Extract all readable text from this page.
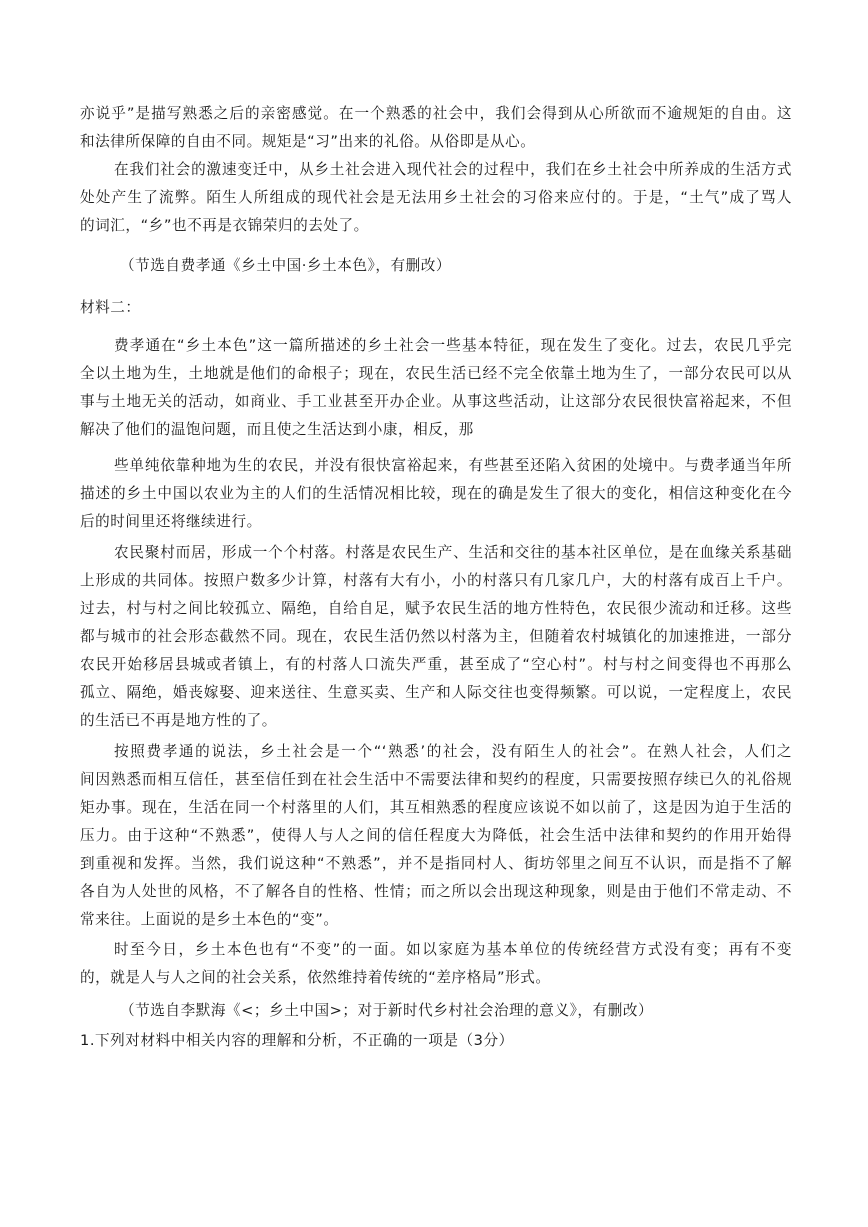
亦说乎”是描写熟悉之后的亲密感觉。在一个熟悉的社会中，我们会得到从心所欲而不逾规矩的自由。这
和法律所保障的自由不同。规矩是“习”出来的礼俗。从俗即是从心。
在我们社会的激速变迁中，从乡土社会进入现代社会的过程中，我们在乡土社会中所养成的生活方式
处处产生了流弊。陌生人所组成的现代社会是无法用乡土社会的习俗来应付的。于是，“土气”成了骂人
的词汇，“乡”也不再是衣锦荣归的去处了。
（节选自费孝通《乡土中国·乡土本色》，有删改）
材料二：
费孝通在“乡土本色”这一篇所描述的乡土社会一些基本特征，现在发生了变化。过去，农民几乎完
全以土地为生，土地就是他们的命根子；现在，农民生活已经不完全依靠土地为生了，一部分农民可以从
事与土地无关的活动，如商业、手工业甚至开办企业。从事这些活动，让这部分农民很快富裕起来，不但
解决了他们的温饱问题，而且使之生活达到小康，相反，那
些单纯依靠种地为生的农民，并没有很快富裕起来，有些甚至还陷入贫困的处境中。与费孝通当年所
描述的乡土中国以农业为主的人们的生活情况相比较，现在的确是发生了很大的变化，相信这种变化在今
后的时间里还将继续进行。
农民聚村而居，形成一个个村落。村落是农民生产、生活和交往的基本社区单位，是在血缘关系基础
上形成的共同体。按照户数多少计算，村落有大有小，小的村落只有几家几户，大的村落有成百上千户。
过去，村与村之间比较孤立、隔绝，自给自足，赋予农民生活的地方性特色，农民很少流动和迁移。这些
都与城市的社会形态截然不同。现在，农民生活仍然以村落为主，但随着农村城镇化的加速推进，一部分
农民开始移居县城或者镇上，有的村落人口流失严重，甚至成了“空心村”。村与村之间变得也不再那么
孤立、隔绝，婚丧嫁娶、迎来送往、生意买卖、生产和人际交往也变得频繁。可以说，一定程度上，农民
的生活已不再是地方性的了。
按照费孝通的说法，乡土社会是一个“‘熟悉’的社会，没有陌生人的社会”。在熟人社会，人们之
间因熟悉而相互信任，甚至信任到在社会生活中不需要法律和契约的程度，只需要按照存续已久的礼俗规
矩办事。现在，生活在同一个村落里的人们，其互相熟悉的程度应该说不如以前了，这是因为迫于生活的
压力。由于这种“不熟悉”，使得人与人之间的信任程度大为降低，社会生活中法律和契约的作用开始得
到重视和发挥。当然，我们说这种“不熟悉”，并不是指同村人、街坊邻里之间互不认识，而是指不了解
各自为人处世的风格，不了解各自的性格、性情；而之所以会出现这种现象，则是由于他们不常走动、不
常来往。上面说的是乡土本色的“变”。
时至今日，乡土本色也有“不变”的一面。如以家庭为基本单位的传统经营方式没有变；再有不变
的，就是人与人之间的社会关系，依然维持着传统的“差序格局”形式。
（节选自李默海《<；乡土中国>；对于新时代乡村社会治理的意义》，有删改）
1.下列对材料中相关内容的理解和分析，不正确的一项是（3分）
